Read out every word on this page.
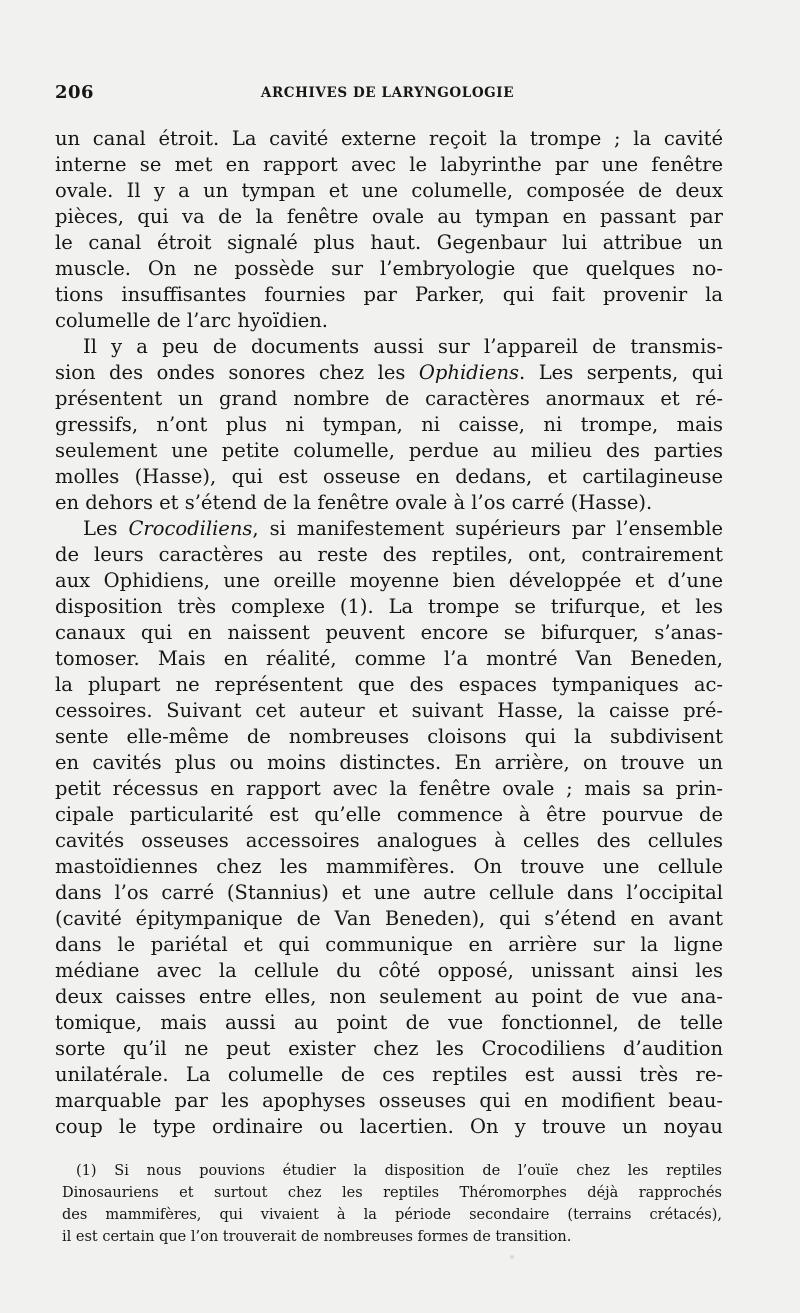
206	ARCHIVES DE LARYNGOLOGIE
un canal étroit. La cavité externe reçoit la trompe ; la cavité
interne se met en rapport avec le labyrinthe par une fenêtre
ovale. Il y a un tympan et une columelle, composée de deux
pièces, qui va de la fenêtre ovale au tympan en passant par
le canal étroit signalé plus haut. Gegenbaur lui attribue un
muscle. On ne possède sur l’embryologie que quelques no-
tions insuffisantes fournies par Parker, qui fait provenir la
columelle de l’arc hyoïdien.
Il y a peu de documents aussi sur l’appareil de transmis-
sion des ondes sonores chez les Ophidiens. Les serpents, qui
présentent un grand nombre de caractères anormaux et ré-
gressifs, n’ont plus ni tympan, ni caisse, ni trompe, mais
seulement une petite columelle, perdue au milieu des parties
molles (Hasse), qui est osseuse en dedans, et cartilagineuse
en dehors et s’étend de la fenêtre ovale à l’os carré (Hasse).
Les Crocodiliens, si manifestement supérieurs par l’ensemble
de leurs caractères au reste des reptiles, ont, contrairement
aux Ophidiens, une oreille moyenne bien développée et d’une
disposition très complexe (1). La trompe se trifurque, et les
canaux qui en naissent peuvent encore se bifurquer, s’anas-
tomoser. Mais en réalité, comme l’a montré Van Beneden,
la plupart ne représentent que des espaces tympaniques ac-
cessoires. Suivant cet auteur et suivant Hasse, la caisse pré-
sente elle-même de nombreuses cloisons qui la subdivisent
en cavités plus ou moins distinctes. En arrière, on trouve un
petit récessus en rapport avec la fenêtre ovale ; mais sa prin-
cipale particularité est qu’elle commence à être pourvue de
cavités osseuses accessoires analogues à celles des cellules
mastoïdiennes chez les mammifères. On trouve une cellule
dans l’os carré (Stannius) et une autre cellule dans l’occipital
(cavité épitympanique de Van Beneden), qui s’étend en avant
dans le pariétal et qui communique en arrière sur la ligne
médiane avec la cellule du côté opposé, unissant ainsi les
deux caisses entre elles, non seulement au point de vue ana-
tomique, mais aussi au point de vue fonctionnel, de telle
sorte qu’il ne peut exister chez les Crocodiliens d’audition
unilatérale. La columelle de ces reptiles est aussi très re-
marquable par les apophyses osseuses qui en modifient beau-
coup le type ordinaire ou lacertien. On y trouve un noyau
(1) Si nous pouvions étudier la disposition de l’ouïe chez les reptiles
Dinosauriens et surtout chez les reptiles Théromorphes déjà rapprochés
des mammifères, qui vivaient à la période secondaire (terrains crétacés),
il est certain que l’on trouverait de nombreuses formes de transition.
